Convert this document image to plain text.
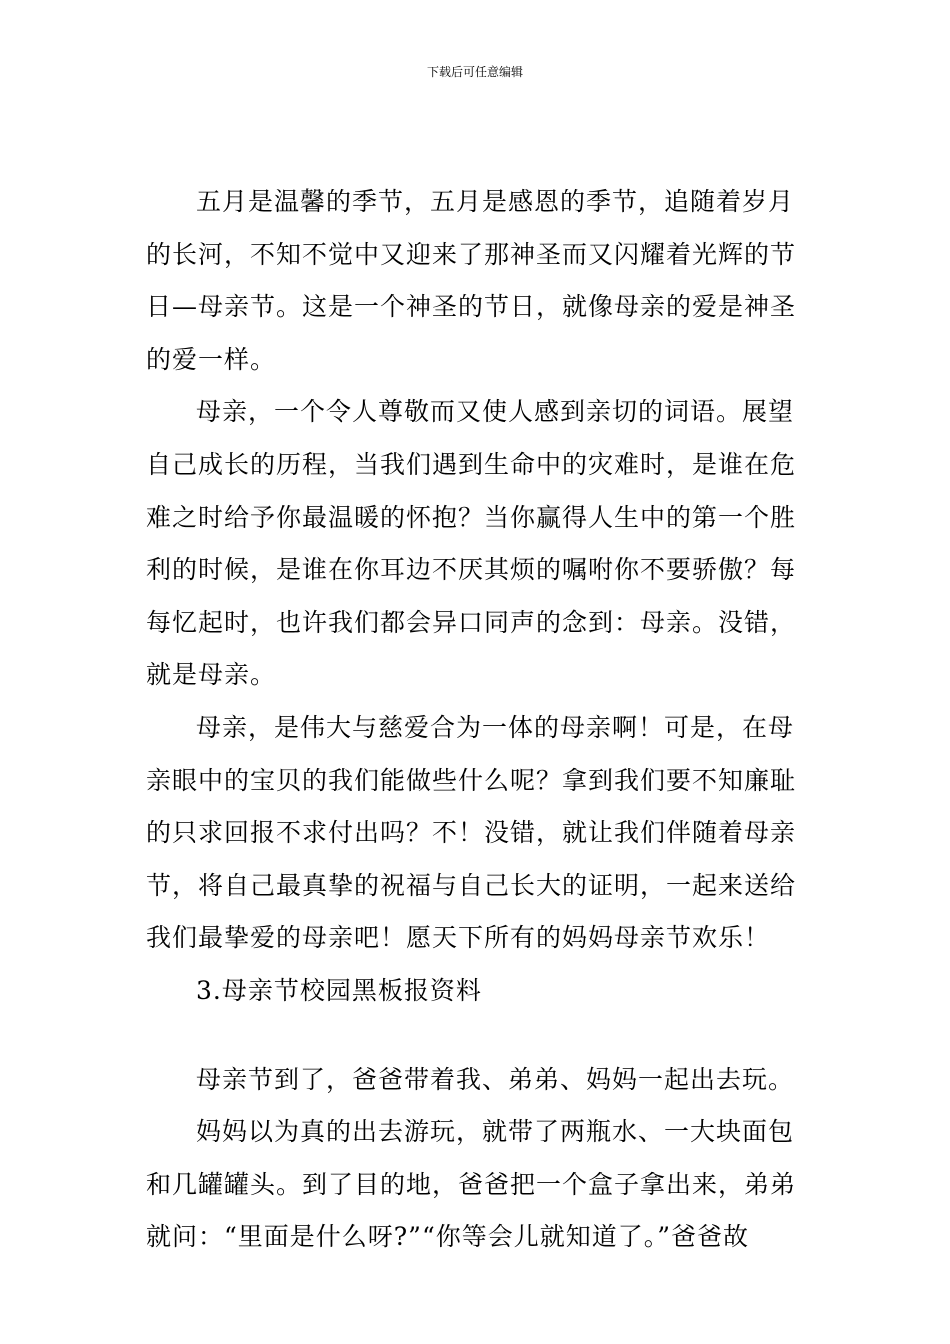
下载后可任意编辑
五月是温馨的季节，五月是感恩的季节，追随着岁月
的长河，不知不觉中又迎来了那神圣而又闪耀着光辉的节
日—母亲节。这是一个神圣的节日，就像母亲的爱是神圣
的爱一样。
母亲，一个令人尊敬而又使人感到亲切的词语。展望
自己成长的历程，当我们遇到生命中的灾难时，是谁在危
难之时给予你最温暖的怀抱？当你赢得人生中的第一个胜
利的时候，是谁在你耳边不厌其烦的嘱咐你不要骄傲？每
每忆起时，也许我们都会异口同声的念到：母亲。没错，
就是母亲。
母亲，是伟大与慈爱合为一体的母亲啊！可是，在母
亲眼中的宝贝的我们能做些什么呢？拿到我们要不知廉耻
的只求回报不求付出吗？不！没错，就让我们伴随着母亲
节，将自己最真挚的祝福与自己长大的证明，一起来送给
我们最挚爱的母亲吧！愿天下所有的妈妈母亲节欢乐！
3.母亲节校园黑板报资料
母亲节到了，爸爸带着我、弟弟、妈妈一起出去玩。
妈妈以为真的出去游玩，就带了两瓶水、一大块面包
和几罐罐头。到了目的地，爸爸把一个盒子拿出来，弟弟
就问：“里面是什么呀?”“你等会儿就知道了。”爸爸故
